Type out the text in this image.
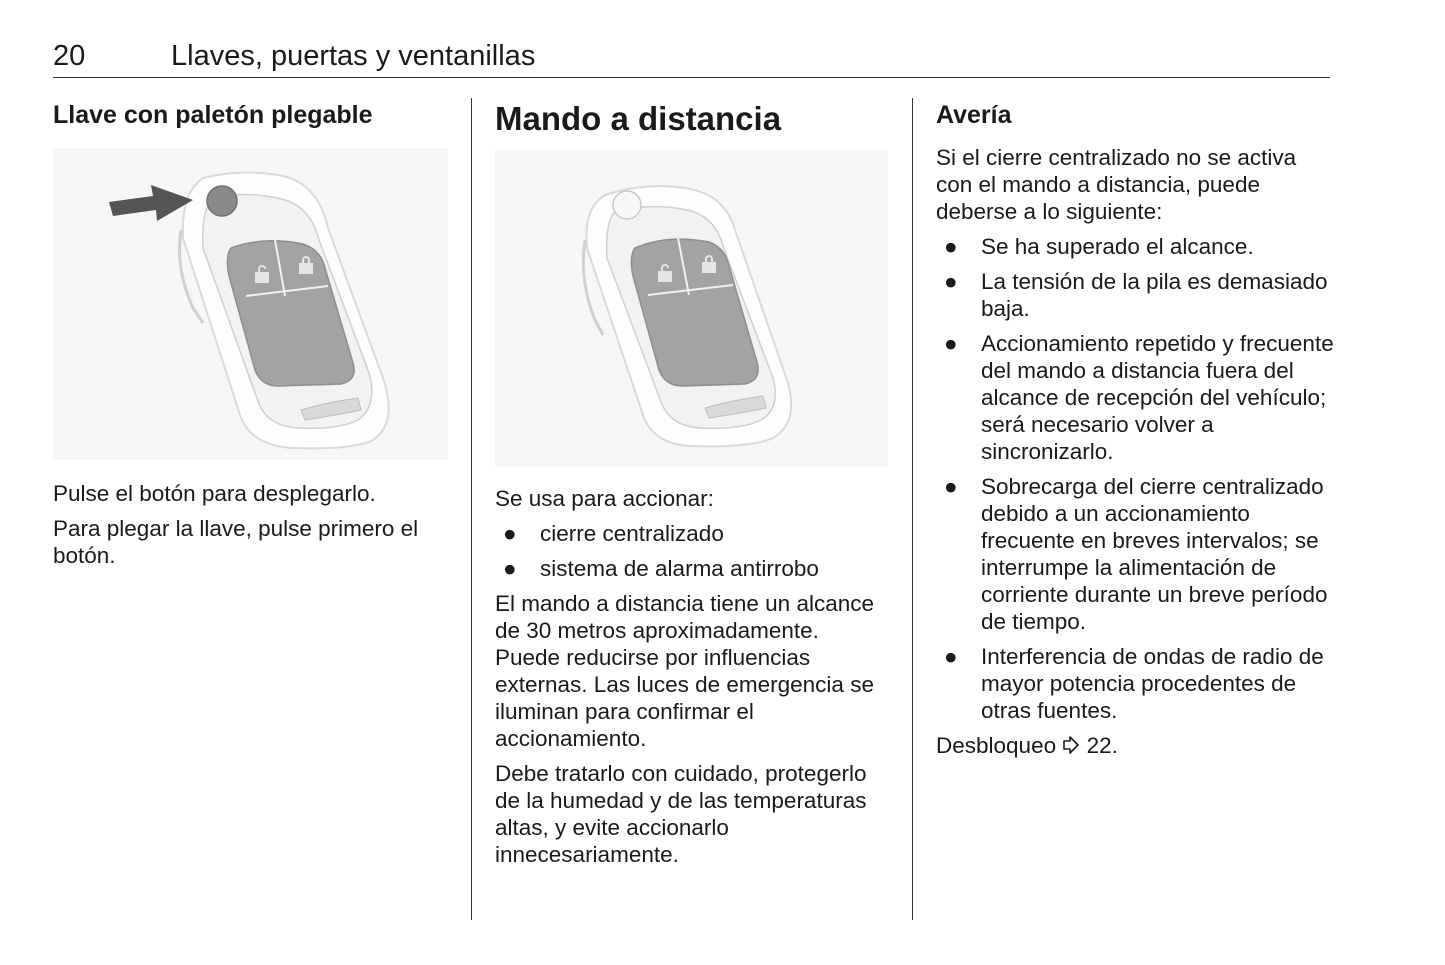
20	Llaves, puertas y ventanillas
Llave con paletón plegable

Pulse el botón para desplegarlo.

Para plegar la llave, pulse primero el botón.

Mando a distancia

Se usa para accionar:

● cierre centralizado
● sistema de alarma antirrobo

El mando a distancia tiene un alcance de 30 metros aproximadamente. Puede reducirse por influencias externas. Las luces de emergencia se iluminan para confirmar el accionamiento.

Debe tratarlo con cuidado, protegerlo de la humedad y de las temperaturas altas, y evite accionarlo innecesariamente.

Avería

Si el cierre centralizado no se activa con el mando a distancia, puede deberse a lo siguiente:

● Se ha superado el alcance.
● La tensión de la pila es demasiado baja.
● Accionamiento repetido y frecuente del mando a distancia fuera del alcance de recepción del vehículo; será necesario volver a sincronizarlo.
● Sobrecarga del cierre centralizado debido a un accionamiento frecuente en breves intervalos; se interrumpe la alimentación de corriente durante un breve período de tiempo.
● Interferencia de ondas de radio de mayor potencia procedentes de otras fuentes.

Desbloqueo 22.
